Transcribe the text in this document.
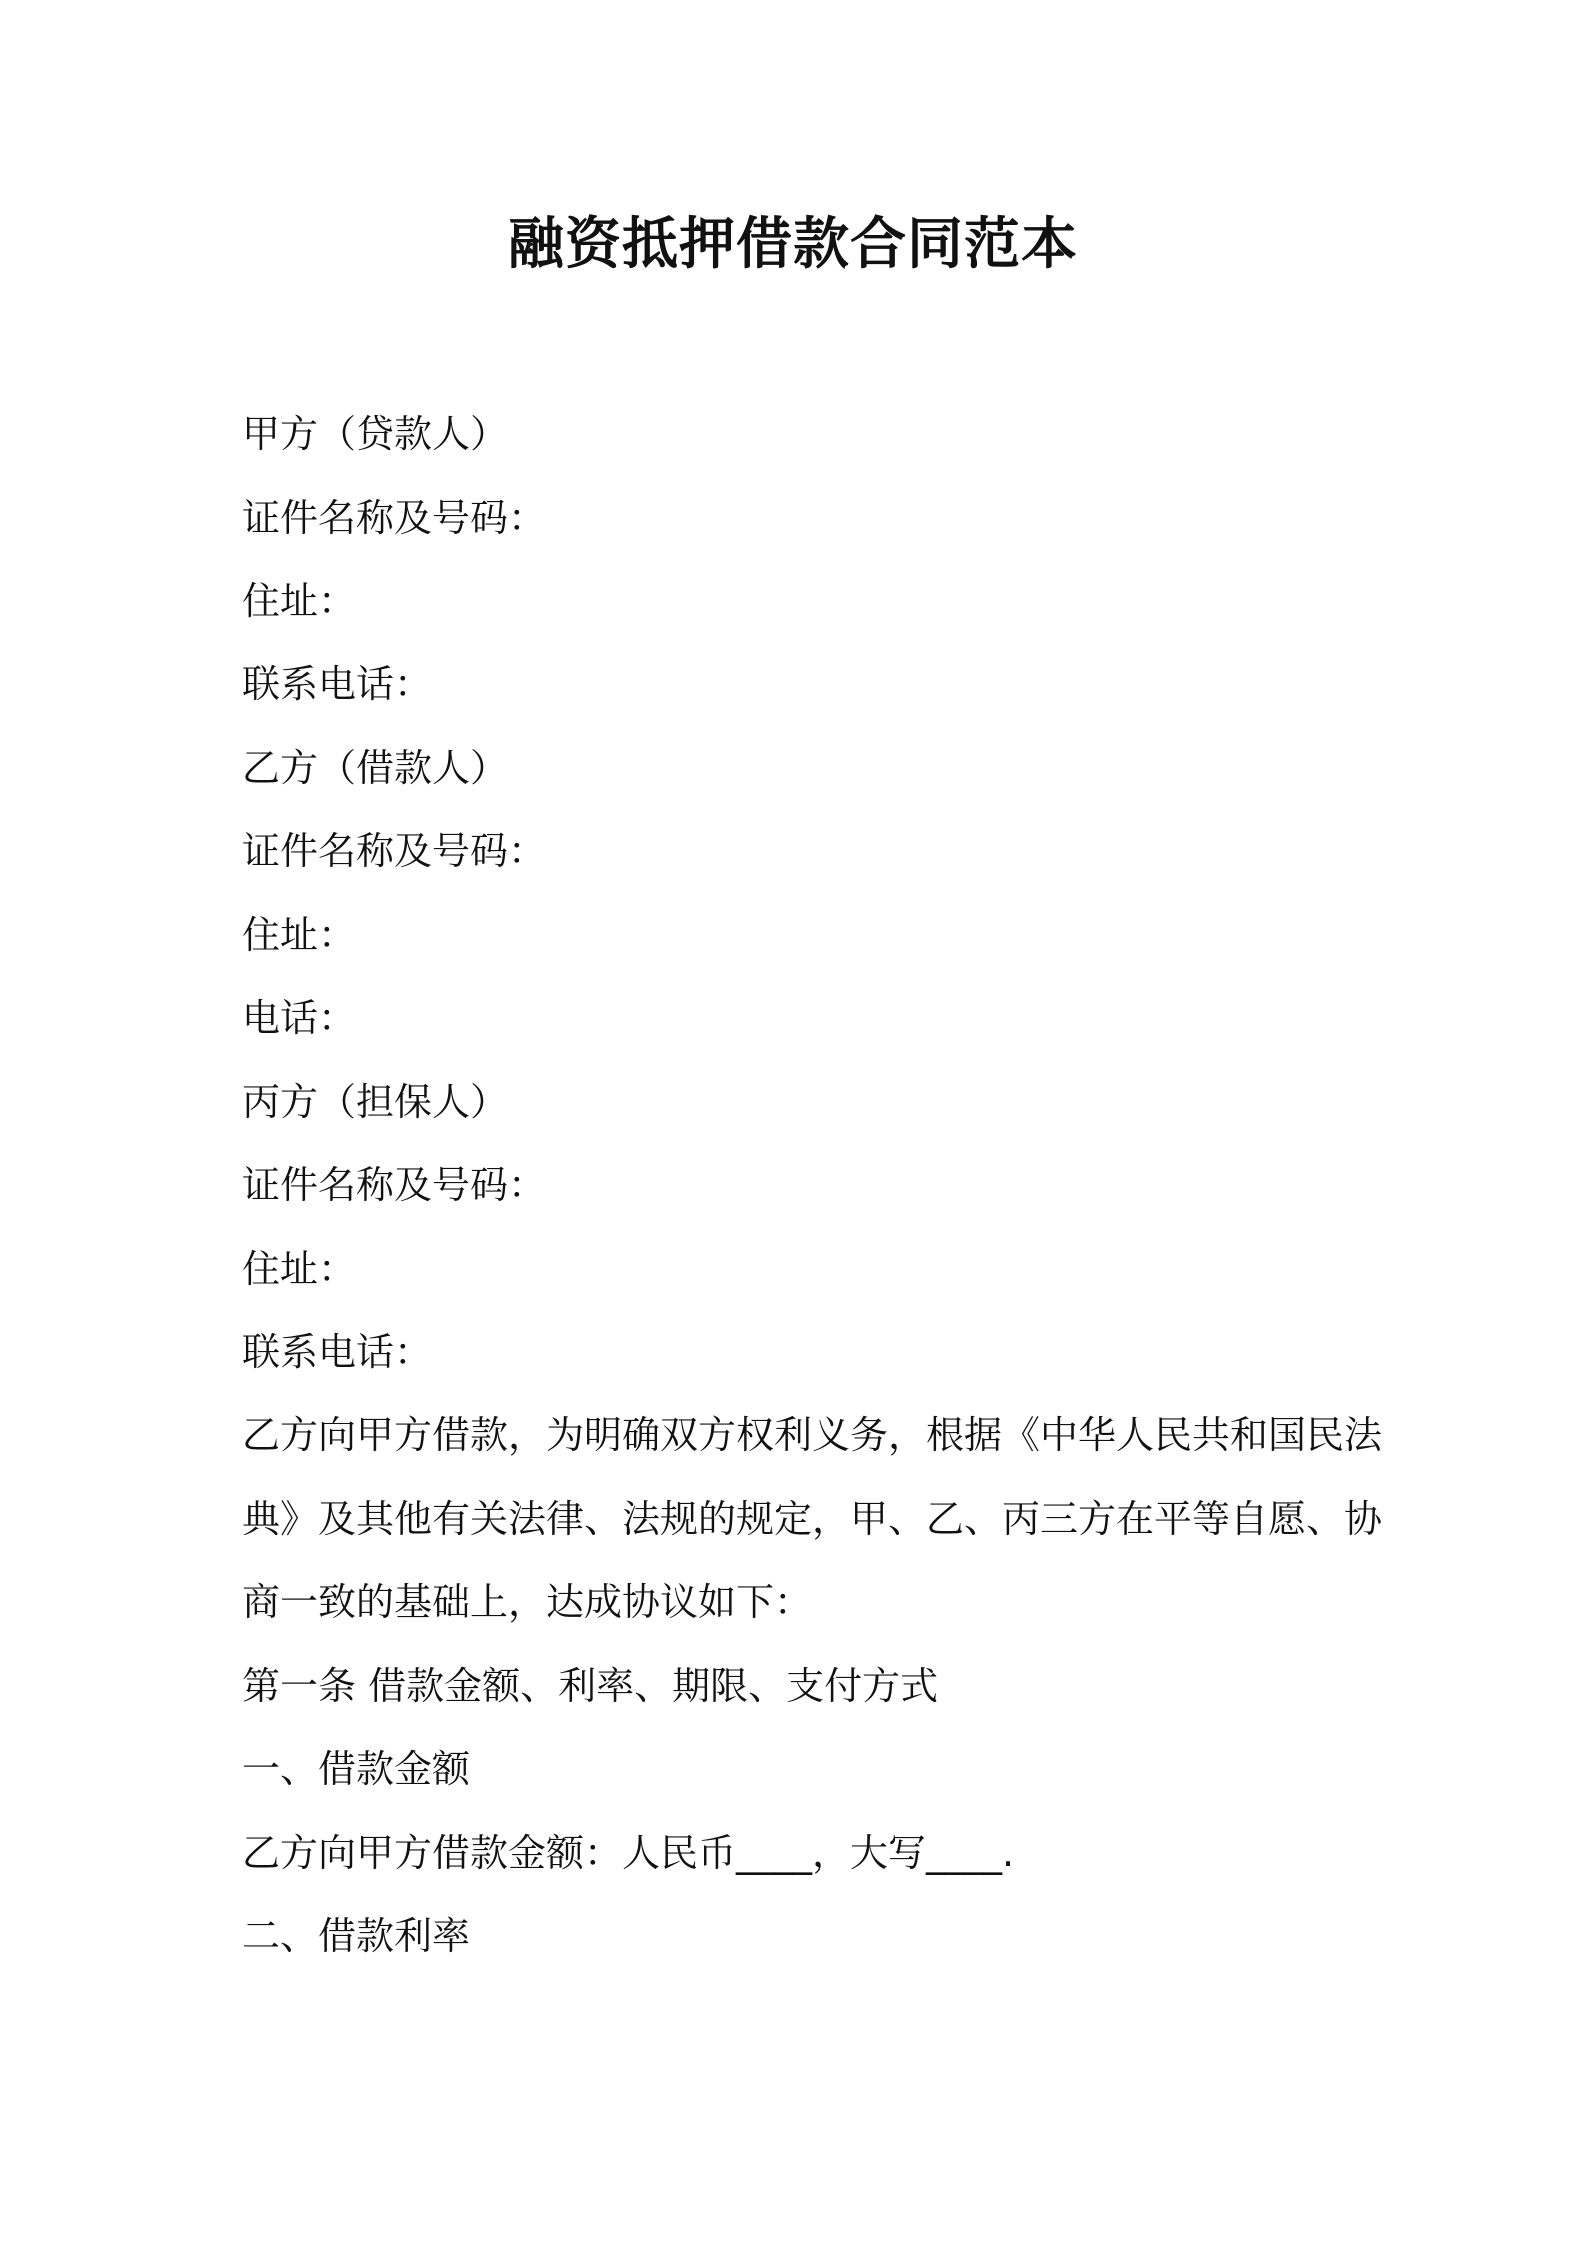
融资抵押借款合同范本

甲方（贷款人）

证件名称及号码：

住址：

联系电话：

乙方（借款人）

证件名称及号码：

住址：

电话：

丙方（担保人）

证件名称及号码：

住址：

联系电话：

乙方向甲方借款，为明确双方权利义务，根据《中华人民共和国民法

典》及其他有关法律、法规的规定，甲、乙、丙三方在平等自愿、协

商一致的基础上，达成协议如下：

第一条 借款金额、利率、期限、支付方式

一、借款金额

乙方向甲方借款金额：人民币____，大写____.

二、借款利率
